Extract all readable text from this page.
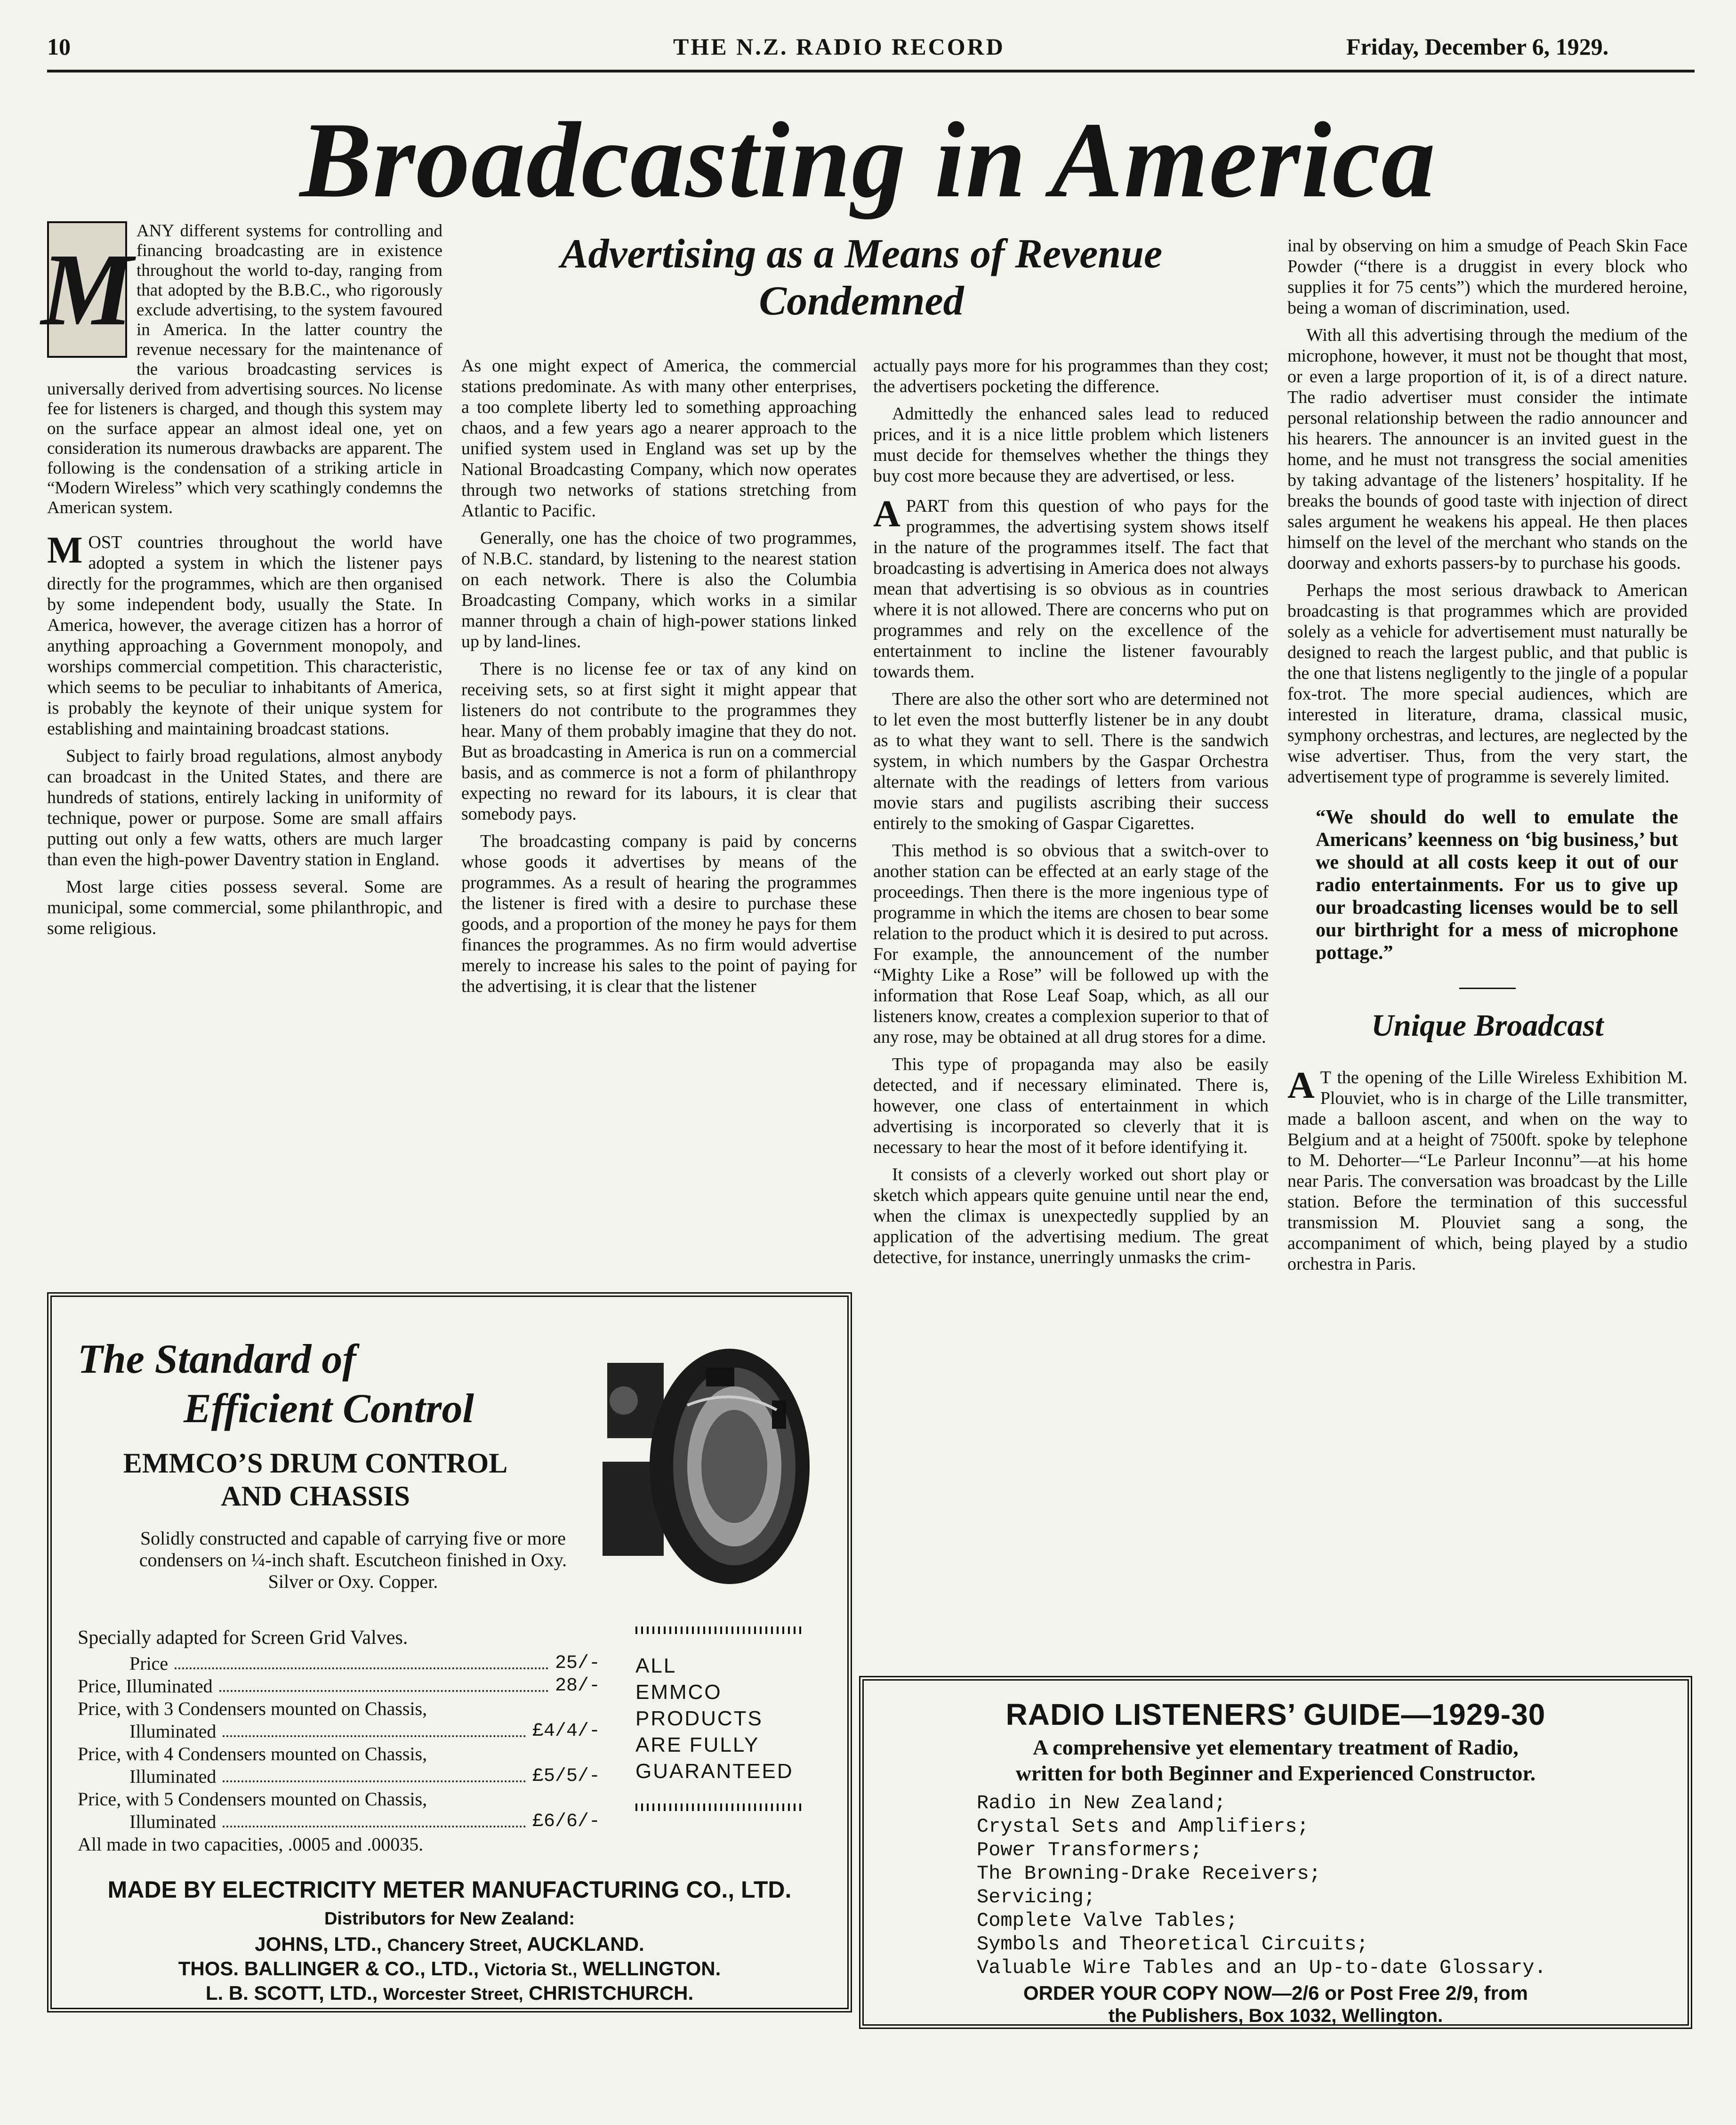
10	THE N.Z. RADIO RECORD	Friday, December 6, 1929.
Broadcasting in America
M

ANY different systems for controlling and financing broadcasting are in existence throughout the world to-day, ranging from that adopted by the B.B.C., who rigorously exclude advertising, to the system favoured in America. In the latter country the revenue necessary for the maintenance of the various broadcasting services is universally derived from advertising sources. No license fee for listeners is charged, and though this system may on the surface appear an almost ideal one, yet on consideration its numerous drawbacks are apparent. The following is the condensation of a striking article in “Modern Wireless” which very scathingly condemns the American system.

MOST countries throughout the world have adopted a system in which the listener pays directly for the programmes, which are then organised by some independent body, usually the State. In America, however, the average citizen has a horror of anything approaching a Government monopoly, and worships commercial competition. This characteristic, which seems to be peculiar to inhabitants of America, is probably the keynote of their unique system for establishing and maintaining broadcast stations.

Subject to fairly broad regulations, almost anybody can broadcast in the United States, and there are hundreds of stations, entirely lacking in uniformity of technique, power or purpose. Some are small affairs putting out only a few watts, others are much larger than even the high-power Daventry station in England.

Most large cities possess several. Some are municipal, some commercial, some philanthropic, and some religious.

Advertising as a Means of Revenue Condemned

As one might expect of America, the commercial stations predominate. As with many other enterprises, a too complete liberty led to something approaching chaos, and a few years ago a nearer approach to the unified system used in England was set up by the National Broadcasting Company, which now operates through two networks of stations stretching from Atlantic to Pacific.

Generally, one has the choice of two programmes, of N.B.C. standard, by listening to the nearest station on each network. There is also the Columbia Broadcasting Company, which works in a similar manner through a chain of high-power stations linked up by land-lines.

There is no license fee or tax of any kind on receiving sets, so at first sight it might appear that listeners do not contribute to the programmes they hear. Many of them probably imagine that they do not. But as broadcasting in America is run on a commercial basis, and as commerce is not a form of philanthropy expecting no reward for its labours, it is clear that somebody pays.

The broadcasting company is paid by concerns whose goods it advertises by means of the programmes. As a result of hearing the programmes the listener is fired with a desire to purchase these goods, and a proportion of the money he pays for them finances the programmes. As no firm would advertise merely to increase his sales to the point of paying for the advertising, it is clear that the listener

actually pays more for his programmes than they cost; the advertisers pocketing the difference.

Admittedly the enhanced sales lead to reduced prices, and it is a nice little problem which listeners must decide for themselves whether the things they buy cost more because they are advertised, or less.

APART from this question of who pays for the programmes, the advertising system shows itself in the nature of the programmes itself. The fact that broadcasting is advertising in America does not always mean that advertising is so obvious as in countries where it is not allowed. There are concerns who put on programmes and rely on the excellence of the entertainment to incline the listener favourably towards them.

There are also the other sort who are determined not to let even the most butterfly listener be in any doubt as to what they want to sell. There is the sandwich system, in which numbers by the Gaspar Orchestra alternate with the readings of letters from various movie stars and pugilists ascribing their success entirely to the smoking of Gaspar Cigarettes.

This method is so obvious that a switch-over to another station can be effected at an early stage of the proceedings. Then there is the more ingenious type of programme in which the items are chosen to bear some relation to the product which it is desired to put across. For example, the announcement of the number “Mighty Like a Rose” will be followed up with the information that Rose Leaf Soap, which, as all our listeners know, creates a complexion superior to that of any rose, may be obtained at all drug stores for a dime.

This type of propaganda may also be easily detected, and if necessary eliminated. There is, however, one class of entertainment in which advertising is incorporated so cleverly that it is necessary to hear the most of it before identifying it.

It consists of a cleverly worked out short play or sketch which appears quite genuine until near the end, when the climax is unexpectedly supplied by an application of the advertising medium. The great detective, for instance, unerringly unmasks the crim-

inal by observing on him a smudge of Peach Skin Face Powder (“there is a druggist in every block who supplies it for 75 cents”) which the murdered heroine, being a woman of discrimination, used.

With all this advertising through the medium of the microphone, however, it must not be thought that most, or even a large proportion of it, is of a direct nature. The radio advertiser must consider the intimate personal relationship between the radio announcer and his hearers. The announcer is an invited guest in the home, and he must not transgress the social amenities by taking advantage of the listeners’ hospitality. If he breaks the bounds of good taste with injection of direct sales argument he weakens his appeal. He then places himself on the level of the merchant who stands on the doorway and exhorts passers-by to purchase his goods.

Perhaps the most serious drawback to American broadcasting is that programmes which are provided solely as a vehicle for advertisement must naturally be designed to reach the largest public, and that public is the one that listens negligently to the jingle of a popular fox-trot. The more special audiences, which are interested in literature, drama, classical music, symphony orchestras, and lectures, are neglected by the wise advertiser. Thus, from the very start, the advertisement type of programme is severely limited.

“We should do well to emulate the Americans’ keenness on ‘big business,’ but we should at all costs keep it out of our radio entertainments. For us to give up our broadcasting licenses would be to sell our birthright for a mess of microphone pottage.”

Unique Broadcast

A T the opening of the Lille Wireless Exhibition M. Plouviet, who is in charge of the Lille transmitter, made a balloon ascent, and when on the way to Belgium and at a height of 7500ft. spoke by telephone to M. Dehorter—“Le Parleur Inconnu”—at his home near Paris. The conversation was broadcast by the Lille station. Before the termination of this successful transmission M. Plouviet sang a song, the accompaniment of which, being played by a studio orchestra in Paris.

The Standard of
Efficient Control
EMMCO’S DRUM CONTROL
AND CHASSIS
Solidly constructed and capable of carrying five or more condensers on ¼-inch shaft. Escutcheon finished in Oxy. Silver or Oxy. Copper.
Specially adapted for Screen Grid Valves.
Price	25/-
Price, Illuminated	28/-
Price, with 3 Condensers mounted on Chassis,
Illuminated	£4/4/-
Price, with 4 Condensers mounted on Chassis,
Illuminated	£5/5/-
Price, with 5 Condensers mounted on Chassis,
Illuminated	£6/6/-
All made in two capacities, .0005 and .00035.
ALL
EMMCO
PRODUCTS
ARE FULLY
GUARANTEED
MADE BY ELECTRICITY METER MANUFACTURING CO., LTD.
Distributors for New Zealand:
JOHNS, LTD., Chancery Street, AUCKLAND.
THOS. BALLINGER & CO., LTD., Victoria St., WELLINGTON.
L. B. SCOTT, LTD., Worcester Street, CHRISTCHURCH.
RADIO LISTENERS’ GUIDE—1929-30
A comprehensive yet elementary treatment of Radio,
written for both Beginner and Experienced Constructor.
Radio in New Zealand;
Crystal Sets and Amplifiers;
Power Transformers;
The Browning-Drake Receivers;
Servicing;
Complete Valve Tables;
Symbols and Theoretical Circuits;
Valuable Wire Tables and an Up-to-date Glossary.
ORDER YOUR COPY NOW—2/6 or Post Free 2/9, from
the Publishers, Box 1032, Wellington.
